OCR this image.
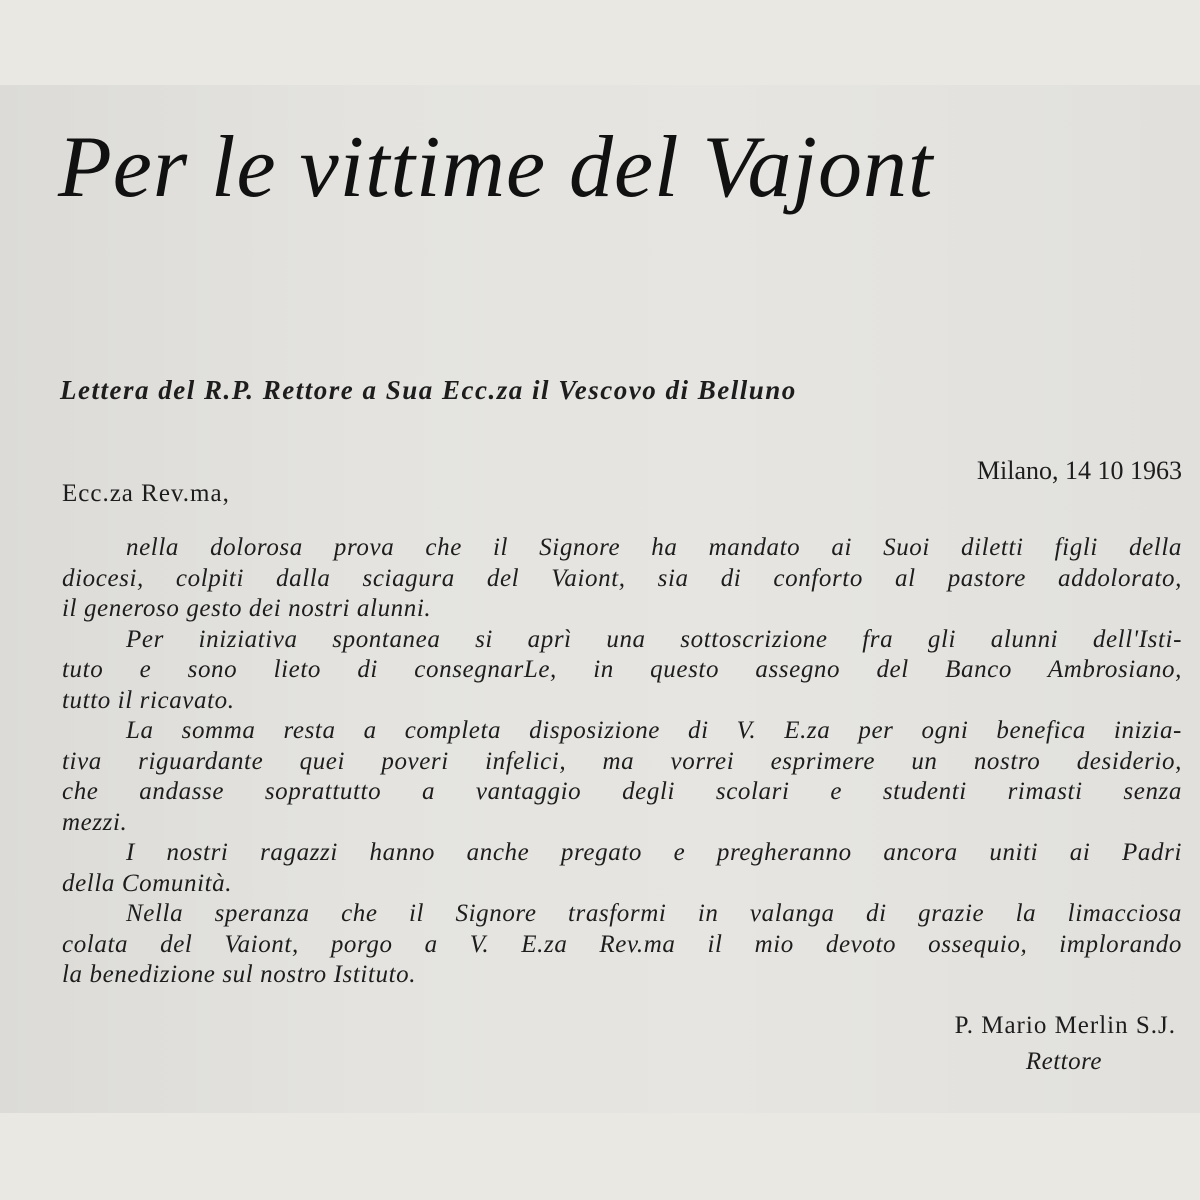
Per le vittime del Vajont
Lettera del R.P. Rettore a Sua Ecc.za il Vescovo di Belluno
Milano, 14 10 1963
Ecc.za Rev.ma,
nella dolorosa prova che il Signore ha mandato ai Suoi diletti figli della
diocesi, colpiti dalla sciagura del Vaiont, sia di conforto al pastore addolorato,
il generoso gesto dei nostri alunni.
Per iniziativa spontanea si aprì una sottoscrizione fra gli alunni dell'Isti-
tuto e sono lieto di consegnarLe, in questo assegno del Banco Ambrosiano,
tutto il ricavato.
La somma resta a completa disposizione di V. E.za per ogni benefica inizia-
tiva riguardante quei poveri infelici, ma vorrei esprimere un nostro desiderio,
che andasse soprattutto a vantaggio degli scolari e studenti rimasti senza
mezzi.
I nostri ragazzi hanno anche pregato e pregheranno ancora uniti ai Padri
della Comunità.
Nella speranza che il Signore trasformi in valanga di grazie la limacciosa
colata del Vaiont, porgo a V. E.za Rev.ma il mio devoto ossequio, implorando
la benedizione sul nostro Istituto.
P. Mario Merlin S.J.
Rettore
